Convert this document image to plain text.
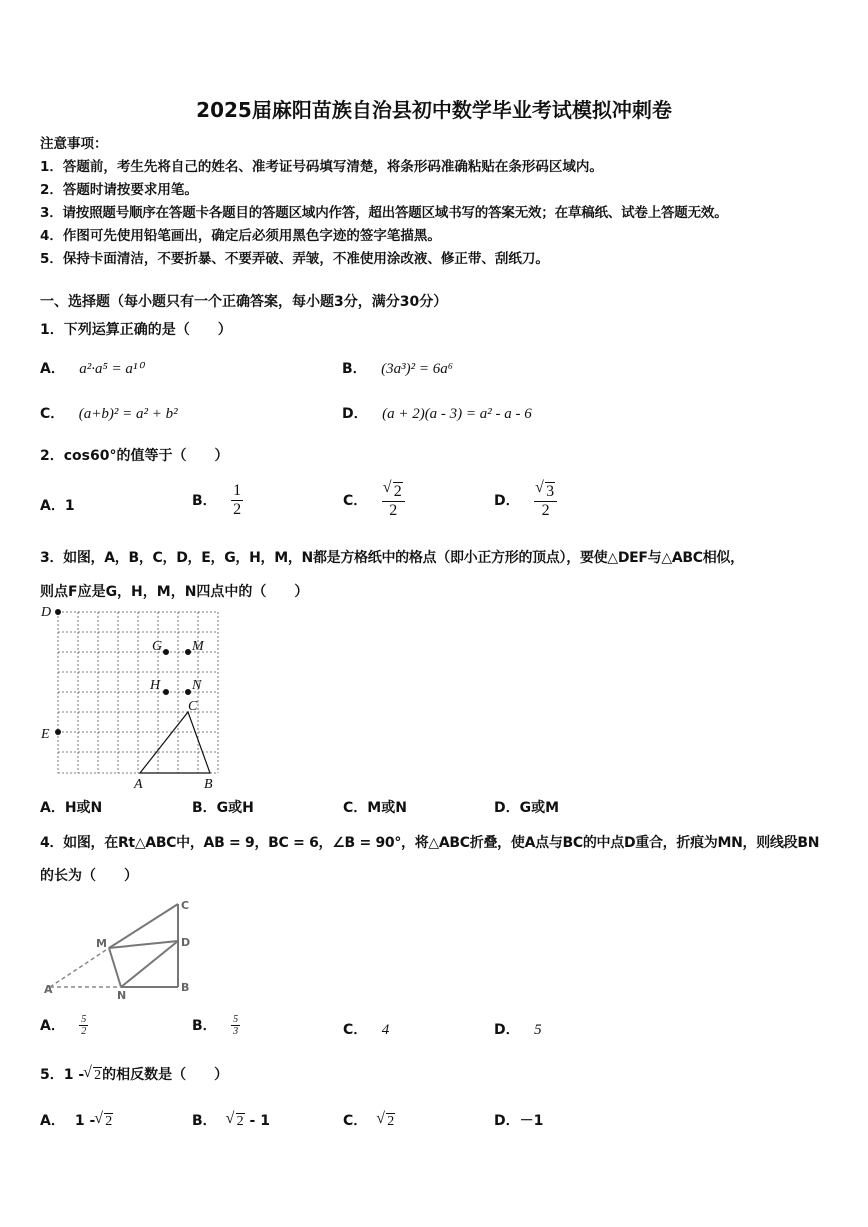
2025届麻阳苗族自治县初中数学毕业考试模拟冲刺卷
注意事项：
1．答题前，考生先将自己的姓名、准考证号码填写清楚，将条形码准确粘贴在条形码区域内。
2．答题时请按要求用笔。
3．请按照题号顺序在答题卡各题目的答题区域内作答，超出答题区域书写的答案无效；在草稿纸、试卷上答题无效。
4．作图可先使用铅笔画出，确定后必须用黑色字迹的签字笔描黑。
5．保持卡面清洁，不要折暴、不要弄破、弄皱，不准使用涂改液、修正带、刮纸刀。
一、选择题（每小题只有一个正确答案，每小题3分，满分30分）
1．下列运算正确的是（　　）
A． a²·a⁵ = a¹⁰	B． (3a³)² = 6a⁶
C． (a+b)² = a² + b²	D． (a + 2)(a - 3) = a² - a - 6
2．cos60°的值等于（　　）
A．1	B． $\frac{1}{2}$	C． √ $\frac{2}{2}$	D． √ $\frac{3}{2}$
3．如图，A，B，C，D，E，G，H，M，N都是方格纸中的格点（即小正方形的顶点），要使△DEF与△ABC相似，
则点F应是G，H，M，N四点中的（　　）
D
E
G M
H N
C
A	B
A．H或N	B．G或H	C．M或N	D．G或M
4．如图，在Rt△ABC中，AB = 9，BC = 6，∠B = 90°，将△ABC折叠，使A点与BC的中点D重合，折痕为MN，则线段BN
的长为（　　）
C
D
B
M
N
A
A． $\frac{5}{2}$	B． $\frac{5}{3}$	C． 4	D． 5
5．1 - √ 2的相反数是（　　）
A． 1 - √ 2	B． √ 2 - 1	C． √ 2	D．－1
